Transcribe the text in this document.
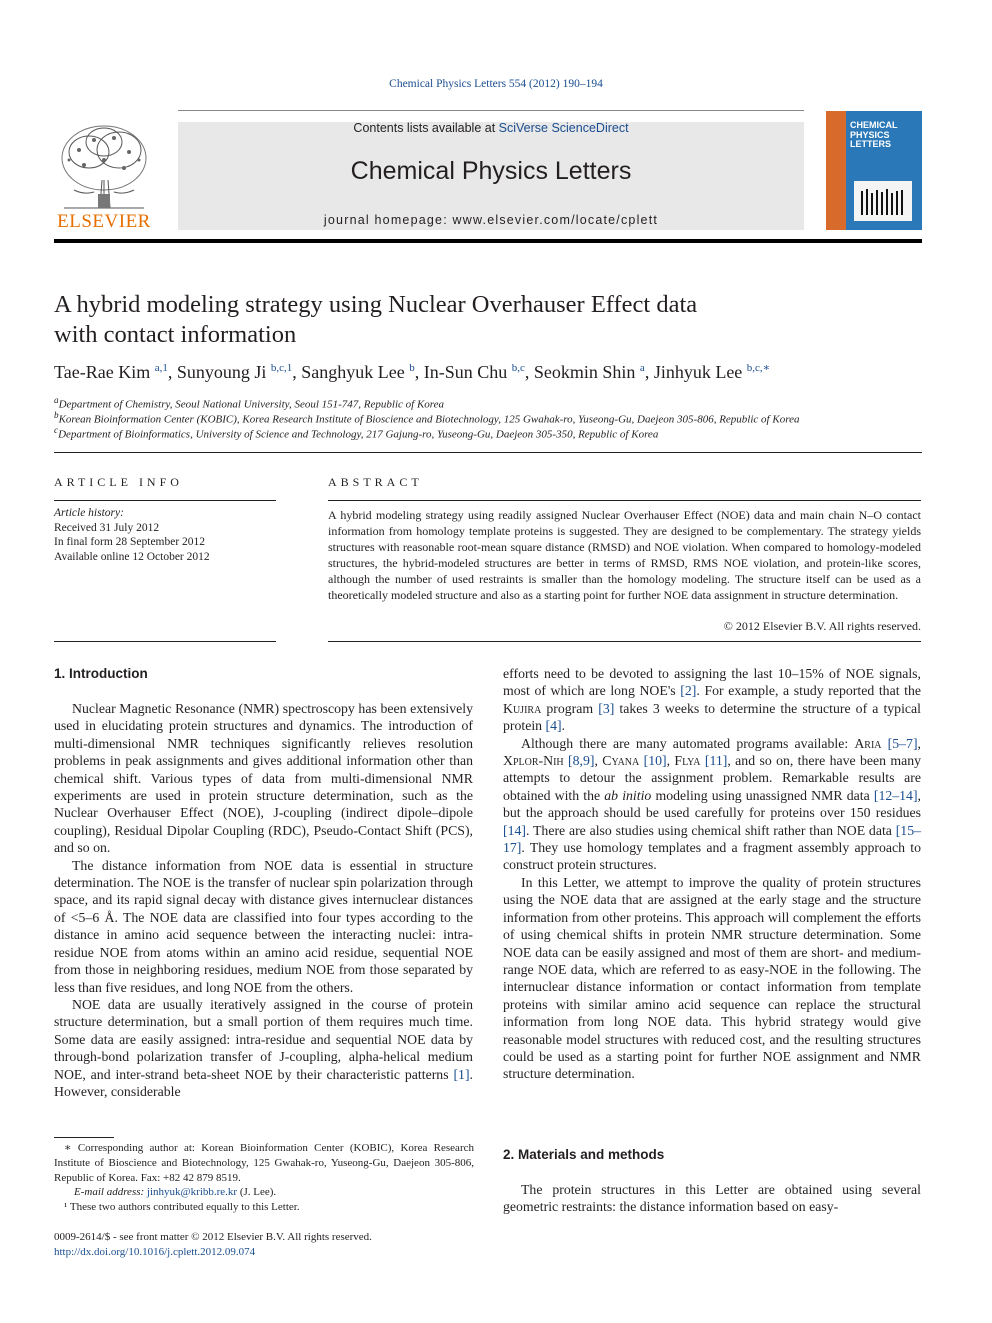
Chemical Physics Letters 554 (2012) 190–194
Contents lists available at SciVerse ScienceDirect
Chemical Physics Letters
journal homepage: www.elsevier.com/locate/cplett
ELSEVIER
CHEMICAL PHYSICS LETTERS
A hybrid modeling strategy using Nuclear Overhauser Effect data
with contact information
Tae-Rae Kim $^{a,1}$, Sunyoung Ji $^{b,c,1}$, Sanghyuk Lee $^b$, In-Sun Chu $^{b,c}$, Seokmin Shin $^a$, Jinhyuk Lee $^{b,c,∗}$
$^a$Department of Chemistry, Seoul National University, Seoul 151-747, Republic of Korea
$^b$Korean Bioinformation Center (KOBIC), Korea Research Institute of Bioscience and Biotechnology, 125 Gwahak-ro, Yuseong-Gu, Daejeon 305-806, Republic of Korea
$^c$Department of Bioinformatics, University of Science and Technology, 217 Gajung-ro, Yuseong-Gu, Daejeon 305-350, Republic of Korea
ARTICLE INFO
Article history:
Received 31 July 2012
In final form 28 September 2012
Available online 12 October 2012
ABSTRACT
A hybrid modeling strategy using readily assigned Nuclear Overhauser Effect (NOE) data and main chain N–O contact information from homology template proteins is suggested. They are designed to be complementary. The strategy yields structures with reasonable root-mean square distance (RMSD) and NOE violation. When compared to homology-modeled structures, the hybrid-modeled structures are better in terms of RMSD, RMS NOE violation, and protein-like scores, although the number of used restraints is smaller than the homology modeling. The structure itself can be used as a theoretically modeled structure and also as a starting point for further NOE data assignment in structure determination.
© 2012 Elsevier B.V. All rights reserved.
1. Introduction

Nuclear Magnetic Resonance (NMR) spectroscopy has been extensively used in elucidating protein structures and dynamics. The introduction of multi-dimensional NMR techniques significantly relieves resolution problems in peak assignments and gives additional information other than chemical shift. Various types of data from multi-dimensional NMR experiments are used in protein structure determination, such as the Nuclear Overhauser Effect (NOE), J-coupling (indirect dipole–dipole coupling), Residual Dipolar Coupling (RDC), Pseudo-Contact Shift (PCS), and so on.

The distance information from NOE data is essential in structure determination. The NOE is the transfer of nuclear spin polarization through space, and its rapid signal decay with distance gives internuclear distances of <5–6 Å. The NOE data are classified into four types according to the distance in amino acid sequence between the interacting nuclei: intra-residue NOE from atoms within an amino acid residue, sequential NOE from those in neighboring residues, medium NOE from those separated by less than five residues, and long NOE from the others.

NOE data are usually iteratively assigned in the course of protein structure determination, but a small portion of them requires much time. Some data are easily assigned: intra-residue and sequential NOE data by through-bond polarization transfer of J-coupling, alpha-helical medium NOE, and inter-strand beta-sheet NOE by their characteristic patterns [1]. However, considerable

efforts need to be devoted to assigning the last 10–15% of NOE signals, most of which are long NOE's [2]. For example, a study reported that the Kujira program [3] takes 3 weeks to determine the structure of a typical protein [4].

Although there are many automated programs available: Aria [5–7], Xplor-Nih [8,9], Cyana [10], Flya [11], and so on, there have been many attempts to detour the assignment problem. Remarkable results are obtained with the ab initio modeling using unassigned NMR data [12–14], but the approach should be used carefully for proteins over 150 residues [14]. There are also studies using chemical shift rather than NOE data [15–17]. They use homology templates and a fragment assembly approach to construct protein structures.

In this Letter, we attempt to improve the quality of protein structures using the NOE data that are assigned at the early stage and the structure information from other proteins. This approach will complement the efforts of using chemical shifts in protein NMR structure determination. Some NOE data can be easily assigned and most of them are short- and medium-range NOE data, which are referred to as easy-NOE in the following. The internuclear distance information or contact information from template proteins with similar amino acid sequence can replace the structural information from long NOE data. This hybrid strategy would give reasonable model structures with reduced cost, and the resulting structures could be used as a starting point for further NOE assignment and NMR structure determination.

2. Materials and methods

The protein structures in this Letter are obtained using several geometric restraints: the distance information based on easy-

∗ Corresponding author at: Korean Bioinformation Center (KOBIC), Korea Research Institute of Bioscience and Biotechnology, 125 Gwahak-ro, Yuseong-Gu, Daejeon 305-806, Republic of Korea. Fax: +82 42 879 8519.
E-mail address: jinhyuk@kribb.re.kr (J. Lee).
¹ These two authors contributed equally to this Letter.
0009-2614/$ - see front matter © 2012 Elsevier B.V. All rights reserved.
http://dx.doi.org/10.1016/j.cplett.2012.09.074
